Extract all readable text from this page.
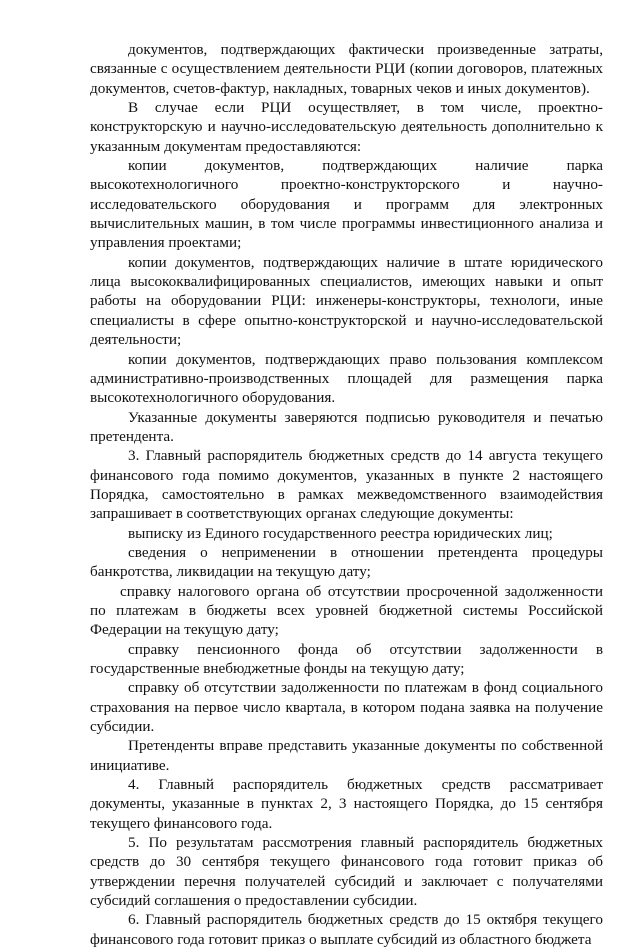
документов, подтверждающих фактически произведенные затраты, связанные с осуществлением деятельности РЦИ (копии договоров, платежных документов, счетов-фактур, накладных, товарных чеков и иных документов).

В случае если РЦИ осуществляет, в том числе, проектно-конструкторскую и научно-исследовательскую деятельность дополнительно к указанным документам предоставляются:

копии документов, подтверждающих наличие парка высокотехнологичного проектно-конструкторского и научно-исследовательского оборудования и программ для электронных вычислительных машин, в том числе программы инвестиционного анализа и управления проектами;

копии документов, подтверждающих наличие в штате юридического лица высококвалифицированных специалистов, имеющих навыки и опыт работы на оборудовании РЦИ: инженеры-конструкторы, технологи, иные специалисты в сфере опытно-конструкторской и научно-исследовательской деятельности;

копии документов, подтверждающих право пользования комплексом административно-производственных площадей для размещения парка высокотехнологичного оборудования.

Указанные документы заверяются подписью руководителя и печатью претендента.

3. Главный распорядитель бюджетных средств до 14 августа текущего финансового года помимо документов, указанных в пункте 2 настоящего Порядка, самостоятельно в рамках межведомственного взаимодействия запрашивает в соответствующих органах следующие документы:

выписку из Единого государственного реестра юридических лиц;

сведения о неприменении в отношении претендента процедуры банкротства, ликвидации на текущую дату;

справку налогового органа об отсутствии просроченной задолженности по платежам в бюджеты всех уровней бюджетной системы Российской Федерации на текущую дату;

справку пенсионного фонда об отсутствии задолженности в государственные внебюджетные фонды на текущую дату;

справку об отсутствии задолженности по платежам в фонд социального страхования на первое число квартала, в котором подана заявка на получение субсидии.

Претенденты вправе представить указанные документы по собственной инициативе.

4. Главный распорядитель бюджетных средств рассматривает документы, указанные в пунктах 2, 3 настоящего Порядка, до 15 сентября текущего финансового года.

5. По результатам рассмотрения главный распорядитель бюджетных средств до 30 сентября текущего финансового года готовит приказ об утверждении перечня получателей субсидий и заключает с получателями субсидий соглашения о предоставлении субсидии.

6. Главный распорядитель бюджетных средств до 15 октября текущего финансового года готовит приказ о выплате субсидий из областного бюджета
